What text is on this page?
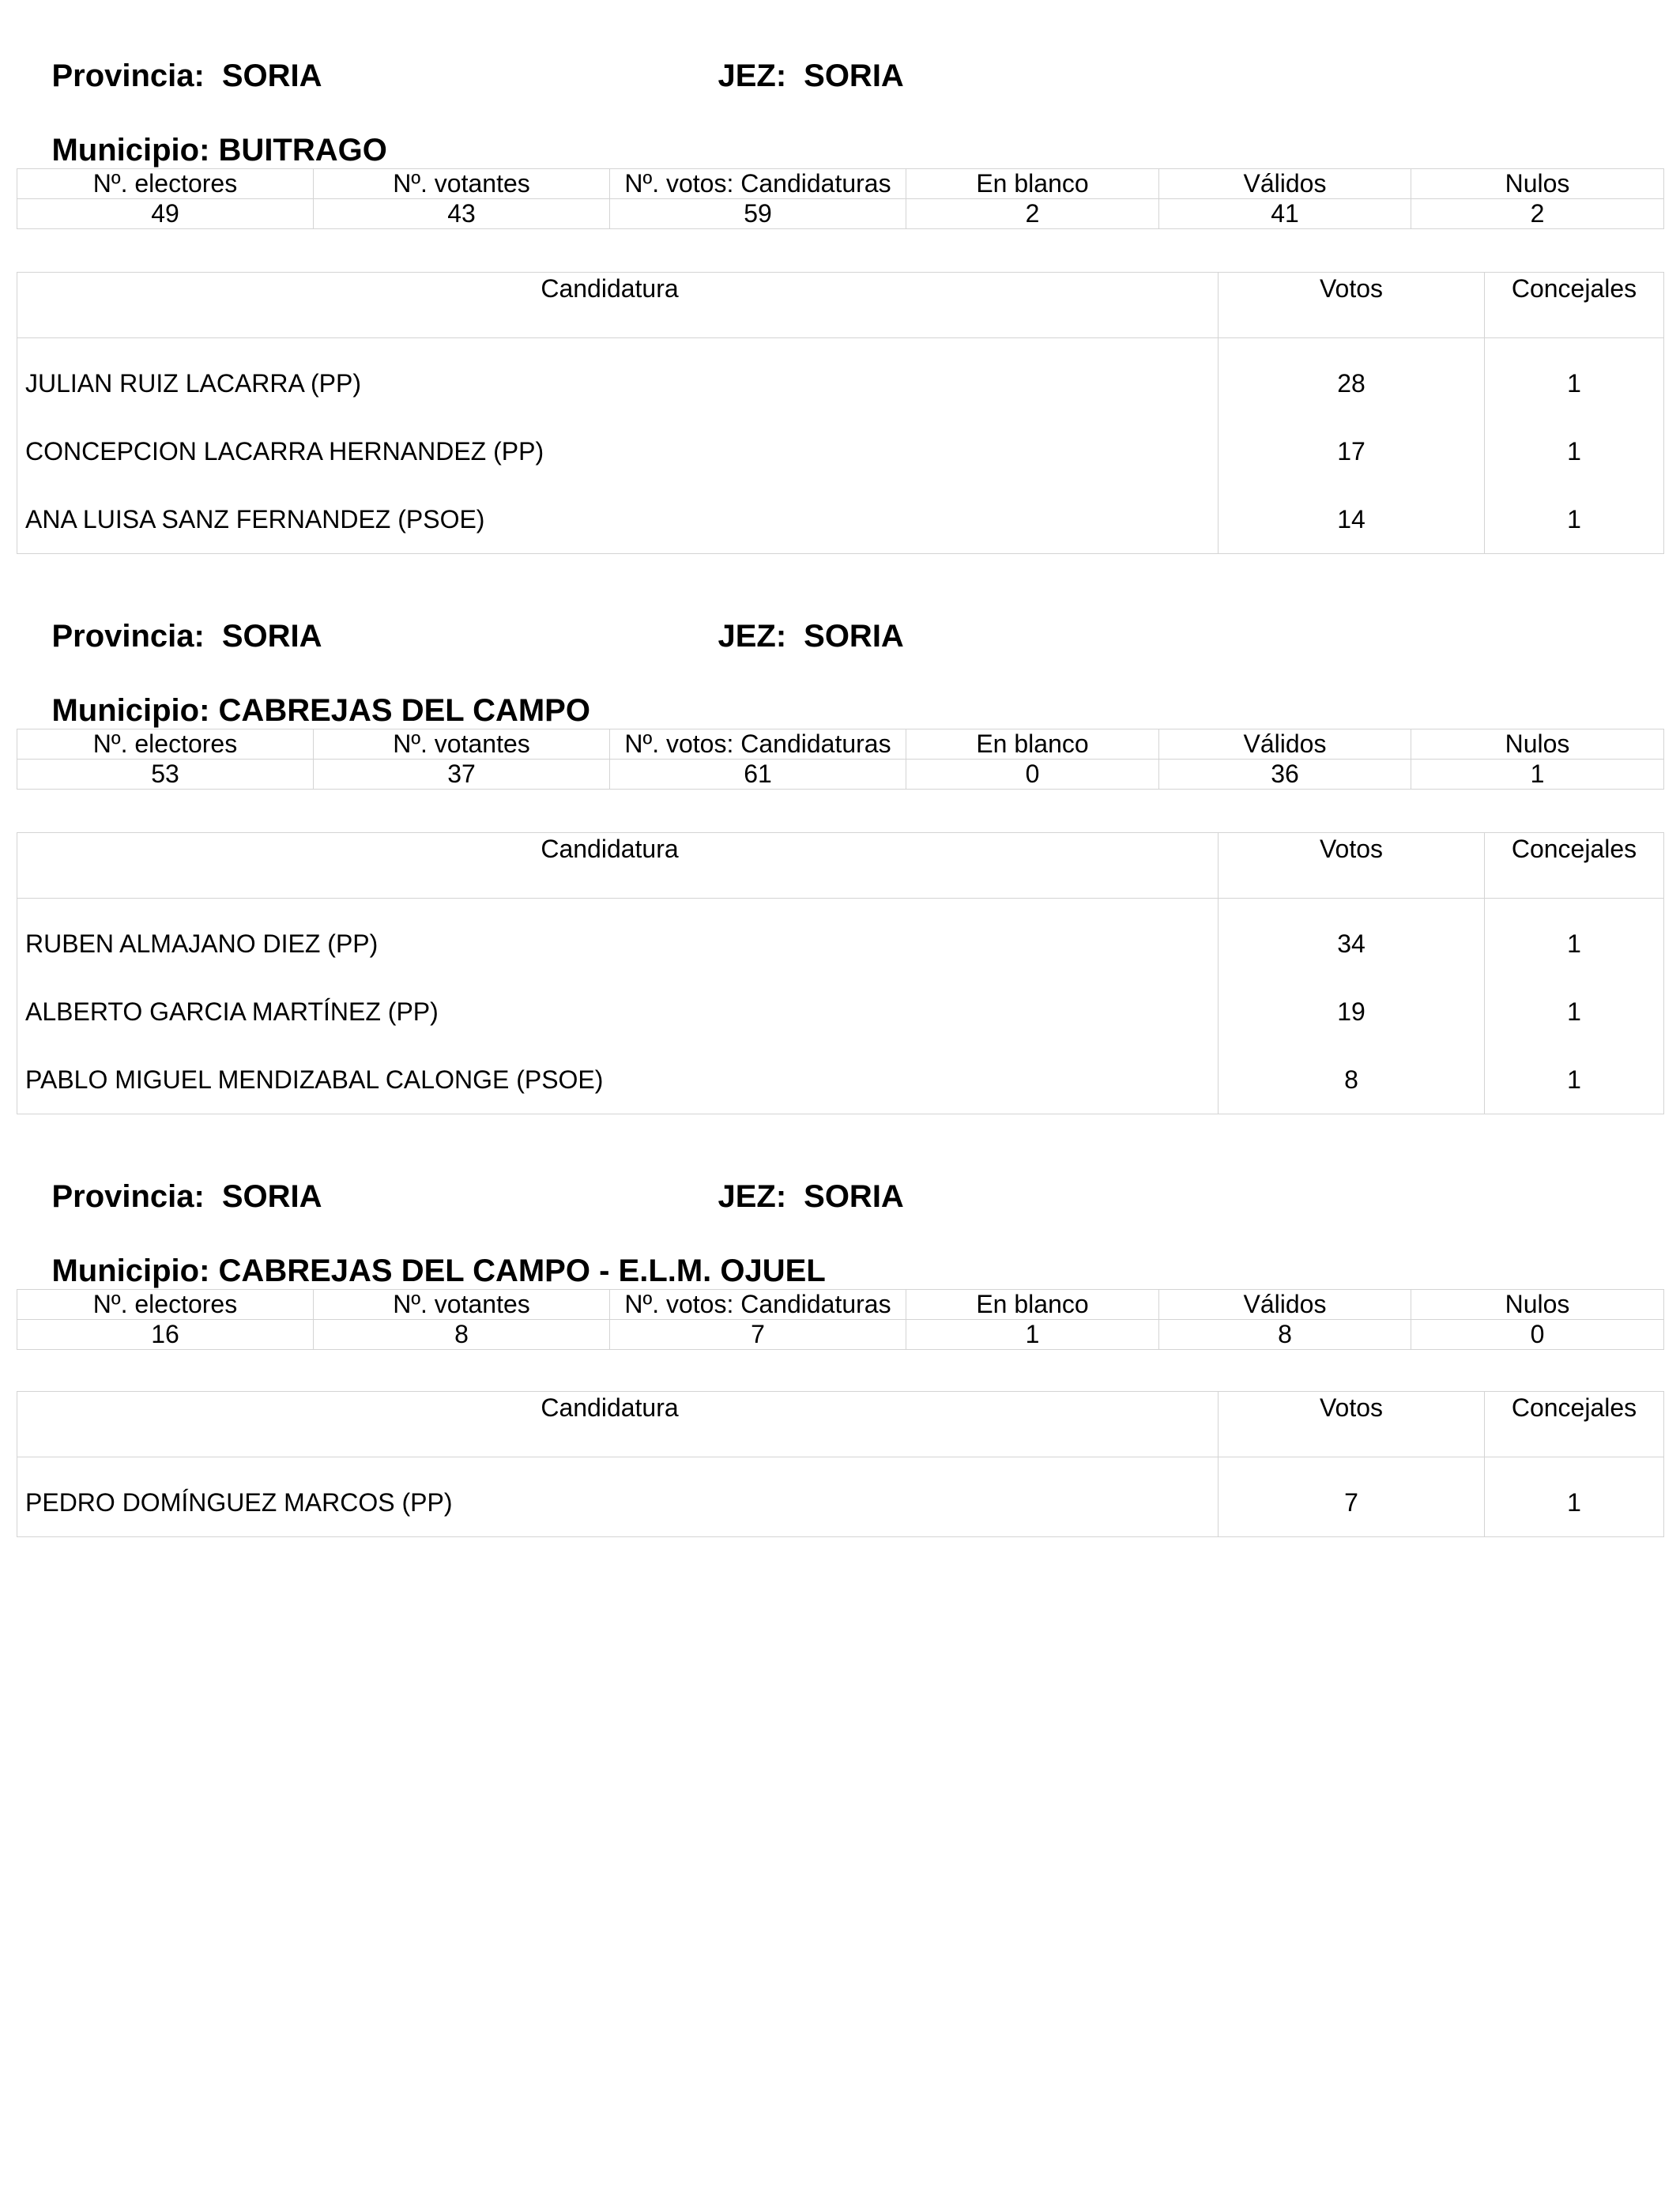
Provincia: SORIA
	JEZ: SORIA

Municipio: BUITRAGO

Nº. electores	Nº. votantes	Nº. votos: Candidaturas	En blanco	Válidos	Nulos
49	43	59	2	41	2
Candidatura	Votos	Concejales
JULIAN RUIZ LACARRA (PP)	28	1
CONCEPCION LACARRA HERNANDEZ (PP)	17	1
ANA LUISA SANZ FERNANDEZ (PSOE)	14	1

Provincia: SORIA
	JEZ: SORIA

Municipio: CABREJAS DEL CAMPO

Nº. electores	Nº. votantes	Nº. votos: Candidaturas	En blanco	Válidos	Nulos
53	37	61	0	36	1
Candidatura	Votos	Concejales
RUBEN ALMAJANO DIEZ (PP)	34	1
ALBERTO GARCIA MARTÍNEZ (PP)	19	1
PABLO MIGUEL MENDIZABAL CALONGE (PSOE)	8	1

Provincia: SORIA
	JEZ: SORIA

Municipio: CABREJAS DEL CAMPO - E.L.M. OJUEL

Nº. electores	Nº. votantes	Nº. votos: Candidaturas	En blanco	Válidos	Nulos
16	8	7	1	8	0
Candidatura	Votos	Concejales
PEDRO DOMÍNGUEZ MARCOS (PP)	7	1
